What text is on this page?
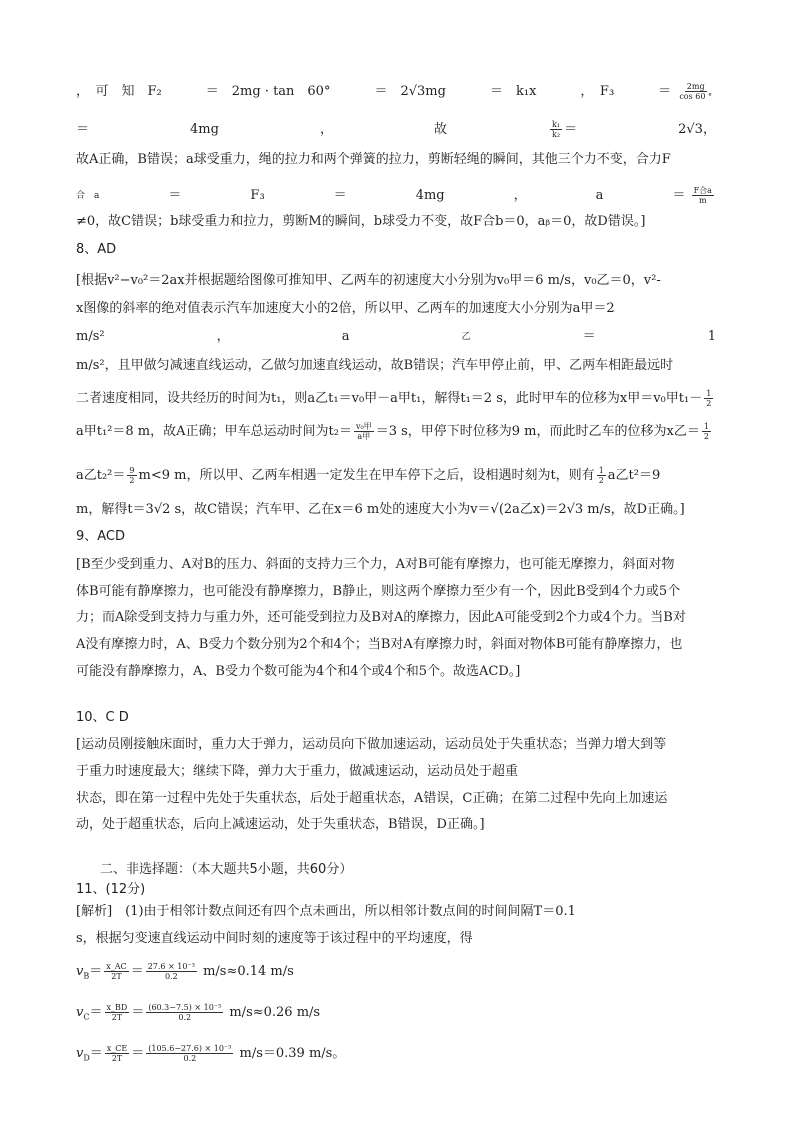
，　可　知　F₂	＝　2mg · tan　60°	＝　2√3mg	＝　k₁x	，　F₃	＝ $\frac{2mg}{\cos 60 ^\circ}$
＝	4mg	，	故	$\frac{\text{k₁}}{\text{k₂}}$ ＝	2√3，
故A正确，B错误；a球受重力，绳的拉力和两个弹簧的拉力，剪断轻绳的瞬间，其他三个力不变，合力F
合　a	＝	F₃	＝	4mg	，	a	＝ $\frac{\text{F合a}}{m}$
≠0，故C错误；b球受重力和拉力，剪断M的瞬间，b球受力不变，故F合b＝0，aᵦ＝0，故D错误。]
8、AD
[根据v²−v₀²＝2ax并根据题给图像可推知甲、乙两车的初速度大小分别为v₀甲＝6 m/s，v₀乙＝0，v²-
x图像的斜率的绝对值表示汽车加速度大小的2倍，所以甲、乙两车的加速度大小分别为a甲＝2
m/s²	，	a	乙	＝	1
m/s²，且甲做匀减速直线运动，乙做匀加速直线运动，故B错误；汽车甲停止前，甲、乙两车相距最远时
二者速度相同，设共经历的时间为t₁，则a乙t₁＝v₀甲－a甲t₁，解得t₁＝2 s，此时甲车的位移为x甲＝v₀甲$t_1- \frac{1}{2}$
a甲t₁²＝8 m，故A正确；甲车总运动时间为$t_2= \frac{\text{v₀甲}}{\text{a甲}} =3$ s，甲停下时位移为9 m，而此时乙车的位移为x乙＝ $\frac{1}{2}$
a乙$t_2^2= \frac{9}{2} m<9$ m，所以甲、乙两车相遇一定发生在甲车停下之后，设相遇时刻为t，则有 $\frac{1}{2}$ a乙t²＝9
m，解得t＝3√2 s，故C错误；汽车甲、乙在x＝6 m处的速度大小为v＝√(2a乙x)＝2√3 m/s，故D正确。]
9、ACD
[B至少受到重力、A对B的压力、斜面的支持力三个力，A对B可能有摩擦力，也可能无摩擦力，斜面对物
体B可能有静摩擦力，也可能没有静摩擦力，B静止，则这两个摩擦力至少有一个，因此B受到4个力或5个
力；而A除受到支持力与重力外，还可能受到拉力及B对A的摩擦力，因此A可能受到2个力或4个力。当B对
A没有摩擦力时，A、B受力个数分别为2个和4个；当B对A有摩擦力时，斜面对物体B可能有静摩擦力，也
可能没有静摩擦力，A、B受力个数可能为4个和4个或4个和5个。故选ACD。]
10、C D
[运动员刚接触床面时，重力大于弹力，运动员向下做加速运动，运动员处于失重状态；当弹力增大到等
于重力时速度最大；继续下降，弹力大于重力，做减速运动，运动员处于超重
状态，即在第一过程中先处于失重状态，后处于超重状态，A错误，C正确；在第二过程中先向上加速运
动，处于超重状态，后向上减速运动，处于失重状态，B错误，D正确。]
二、非选择题：（本大题共5小题，共60分）
11、(12分)
[解析]　(1)由于相邻计数点间还有四个点未画出，所以相邻计数点间的时间间隔T＝0.1
s，根据匀变速直线运动中间时刻的速度等于该过程中的平均速度，得
$v_B= \frac{x\_AC}{2T} = \frac{\text{27.6 × 10⁻³}}{0.2} m/s\approx 0.14$ m/s
$v_C= \frac{x\_BD}{2T} = \frac{\text{(60.3−7.5) × 10⁻³}}{0.2} m/s\approx 0.26$ m/s
$v_D= \frac{x\_CE}{2T} = \frac{\text{(105.6−27.6) × 10⁻³}}{0.2} m/s=0.39$ m/s。
